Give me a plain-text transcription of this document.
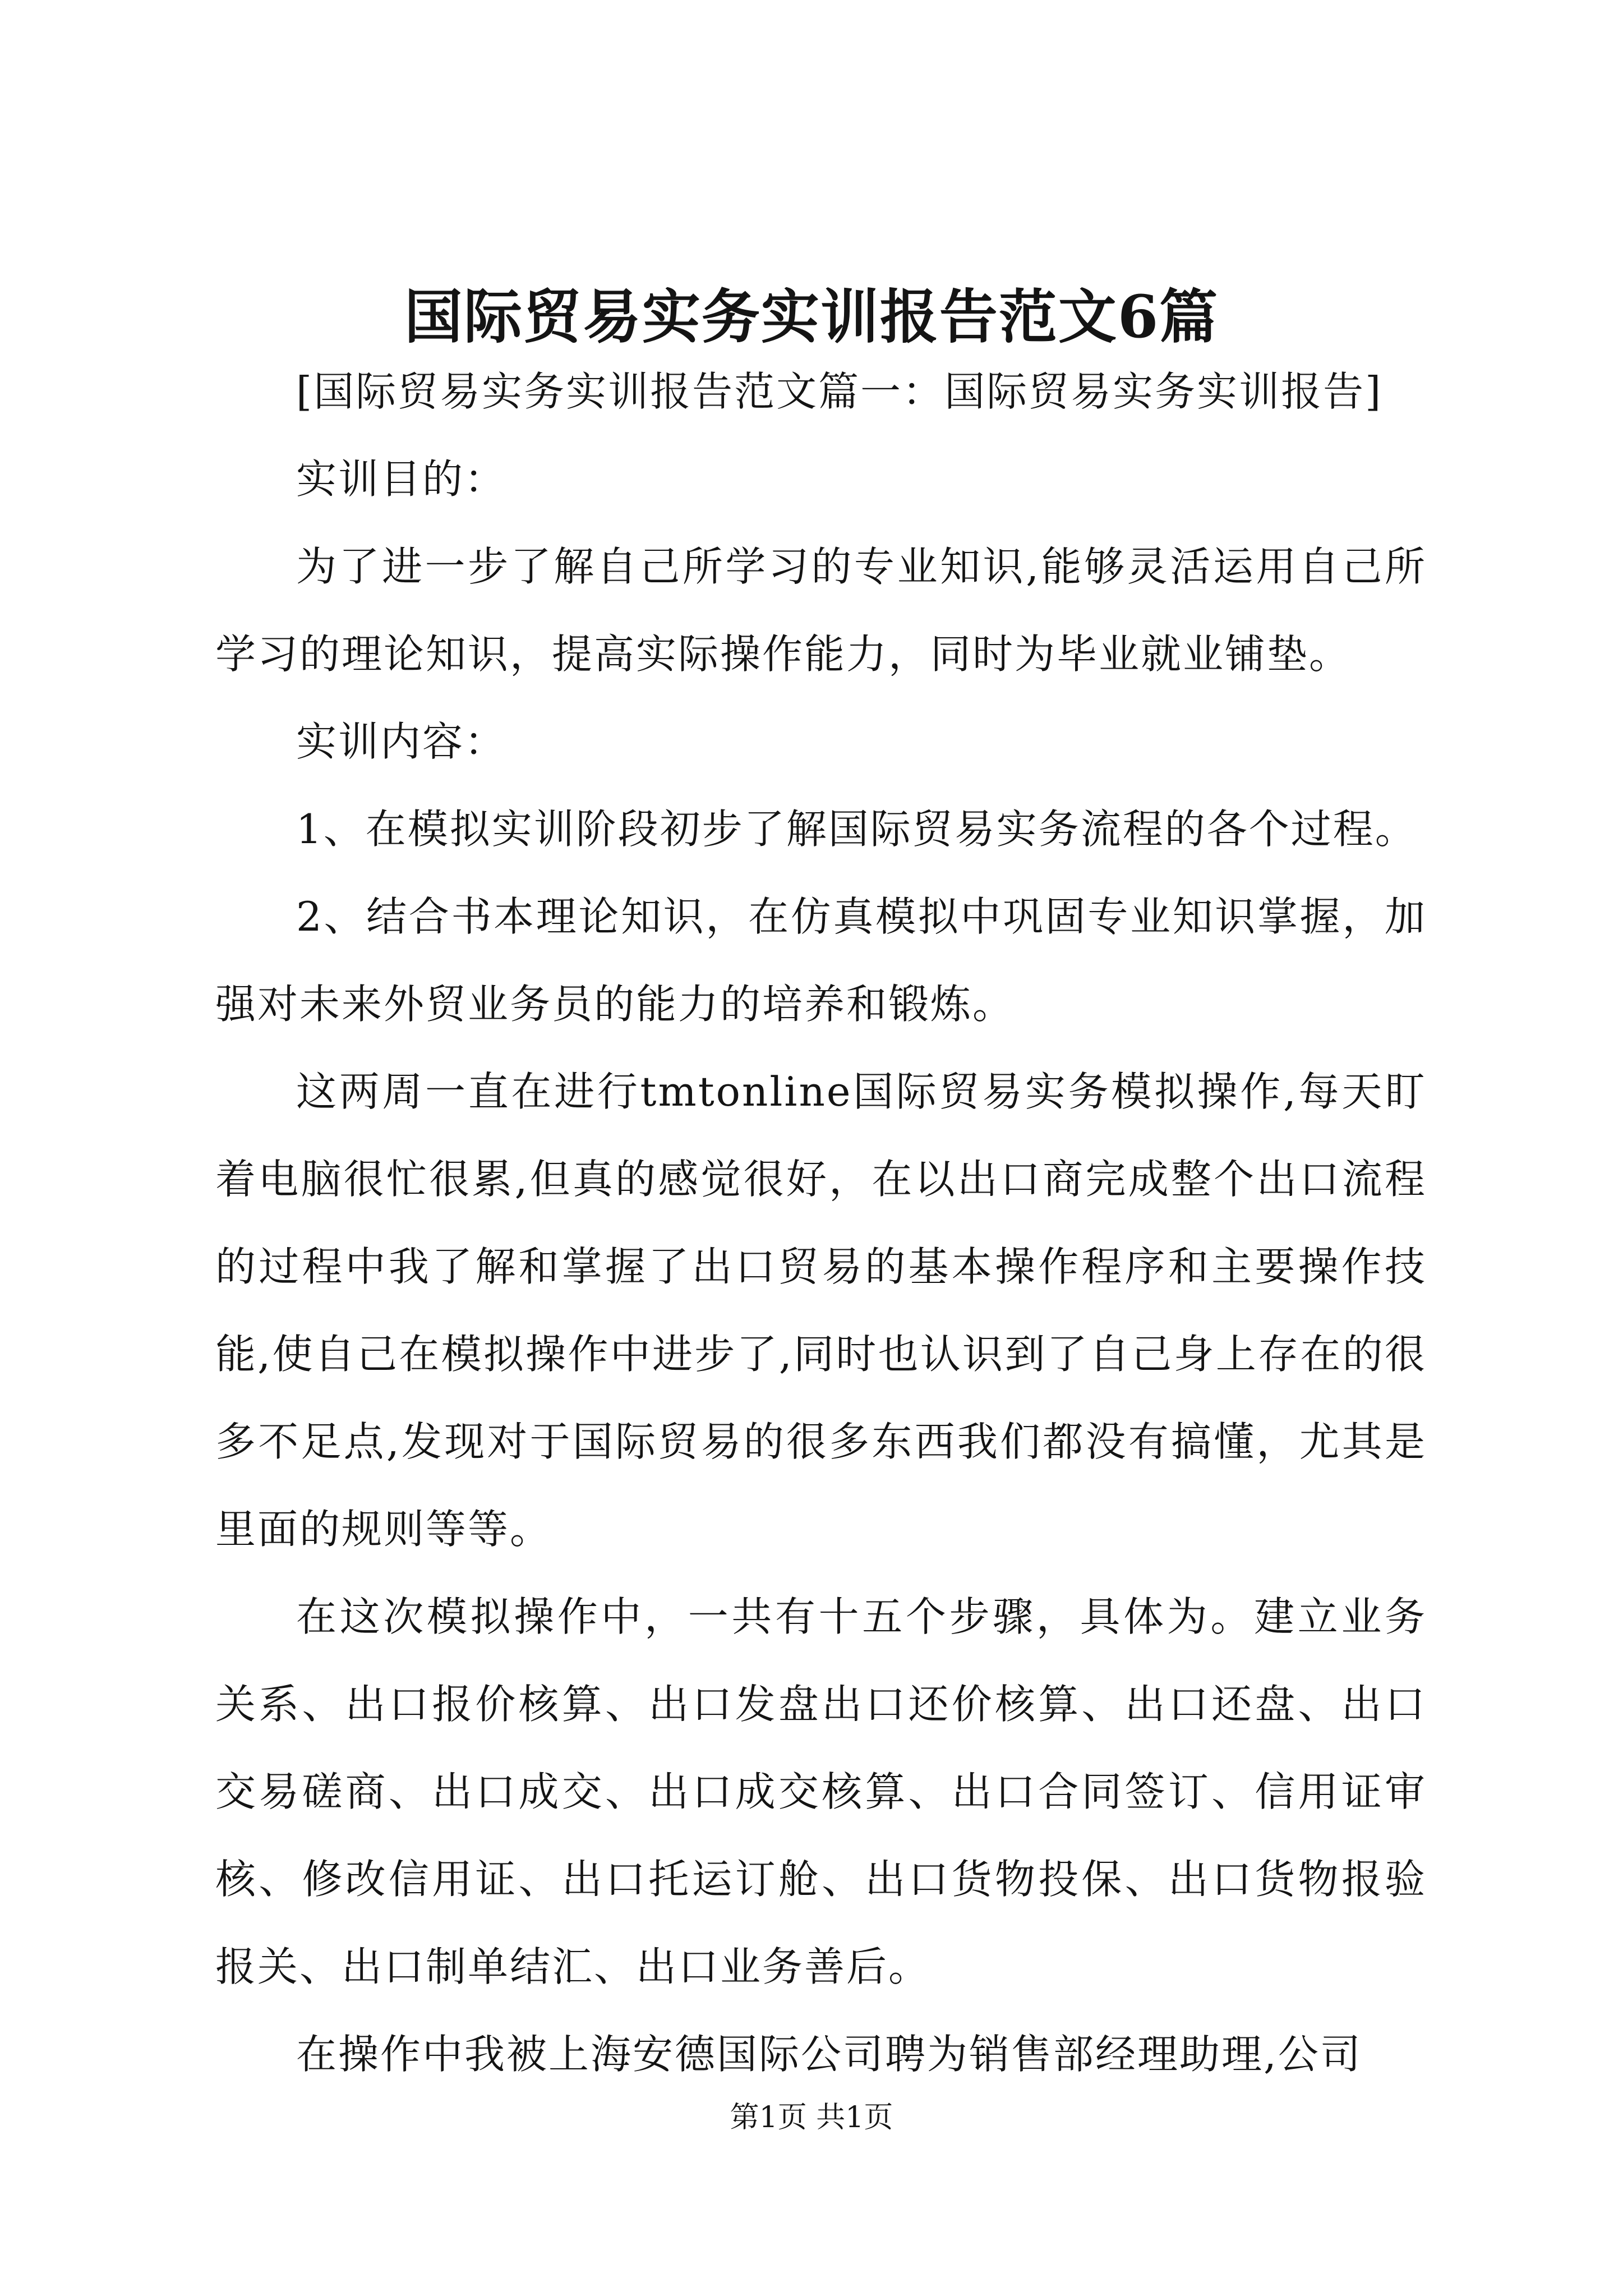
国际贸易实务实训报告范文6篇

[国际贸易实务实训报告范文篇一：国际贸易实务实训报告]

实训目的：

为了进一步了解自己所学习的专业知识,能够灵活运用自己所学习的理论知识，提高实际操作能力，同时为毕业就业铺垫。

实训内容：

1、在模拟实训阶段初步了解国际贸易实务流程的各个过程。

2、结合书本理论知识，在仿真模拟中巩固专业知识掌握，加强对未来外贸业务员的能力的培养和锻炼。

这两周一直在进行tmtonline国际贸易实务模拟操作,每天盯着电脑很忙很累,但真的感觉很好，在以出口商完成整个出口流程的过程中我了解和掌握了出口贸易的基本操作程序和主要操作技能,使自己在模拟操作中进步了,同时也认识到了自己身上存在的很多不足点,发现对于国际贸易的很多东西我们都没有搞懂，尤其是里面的规则等等。

在这次模拟操作中，一共有十五个步骤，具体为。建立业务关系、出口报价核算、出口发盘出口还价核算、出口还盘、出口交易磋商、出口成交、出口成交核算、出口合同签订、信用证审核、修改信用证、出口托运订舱、出口货物投保、出口货物报验报关、出口制单结汇、出口业务善后。

在操作中我被上海安德国际公司聘为销售部经理助理,公司

第1页 共1页
